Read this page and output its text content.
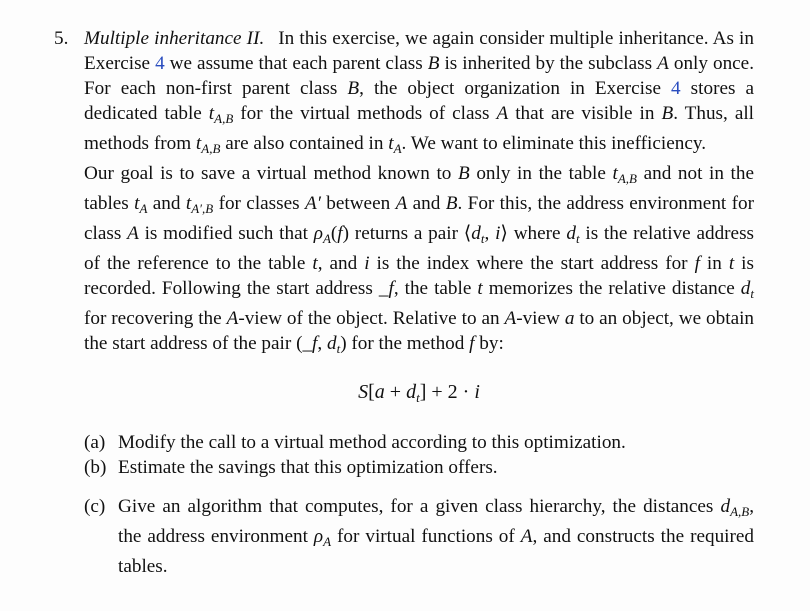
5. Multiple inheritance II. In this exercise, we again consider multiple inheritance. As in Exercise 4 we assume that each parent class B is inherited by the subclass A only once. For each non-first parent class B, the object organization in Exercise 4 stores a dedicated table $t_{A,B}$ for the virtual methods of class A that are visible in B. Thus, all methods from $t_{A,B}$ are also contained in $t_A$. We want to eliminate this inefficiency.

Our goal is to save a virtual method known to B only in the table $t_{A,B}$ and not in the tables $t_A$ and $t_{A',B}$ for classes A′ between A and B. For this, the address environment for class A is modified such that $\rho_A(f)$ returns a pair $⟨d_t$, i⟩ where $d_t$ is the relative address of the reference to the table t, and i is the index where the start address for f in t is recorded. Following the start address _f, the table t memorizes the relative distance $d_t$ for recovering the A-view of the object. Relative to an A-view a to an object, we obtain the start address of the pair (_f, $d_t$) for the method f by:

$S[a + d_t] + 2 \cdot i$
(a) Modify the call to a virtual method according to this optimization.
(b) Estimate the savings that this optimization offers.
(c) Give an algorithm that computes, for a given class hierarchy, the distances $d_{A,B}$, the address environment $\rho_A$ for virtual functions of A, and constructs the required tables.
